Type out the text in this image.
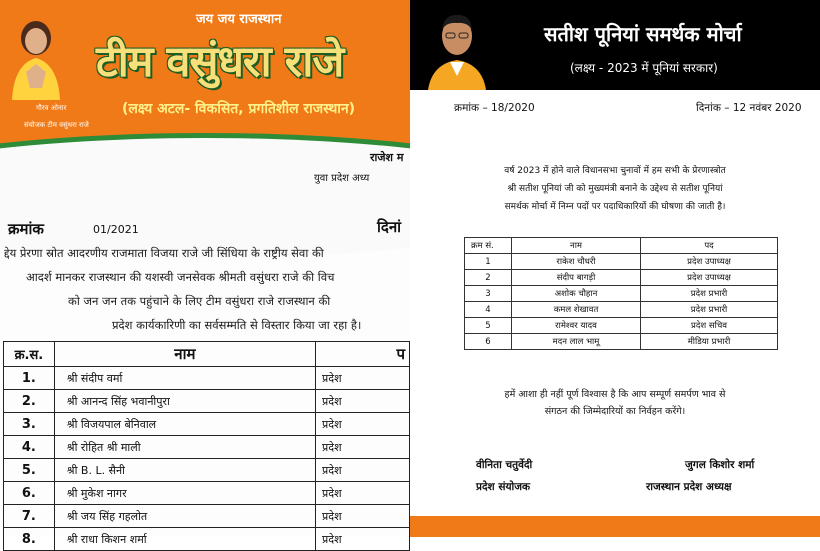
जय जय राजस्थान
टीम वसुंधरा राजे
(लक्ष्य अटल- विकसित, प्रगतिशील राजस्थान)
गौरव ओनार
संयोजक टीम वसुंधरा राजे
राजेश म
युवा प्रदेश अध्य
क्रमांक	01/2021	दिनां
द्देय प्रेरणा स्रोत आदरणीय राजमाता विजया राजे जी सिंधिया के राष्ट्रीय सेवा की
आदर्श मानकर राजस्थान की यशस्वी जनसेवक श्रीमती वसुंधरा राजे की विच
को जन जन तक पहुंचाने के लिए टीम वसुंधरा राजे राजस्थान की
प्रदेश कार्यकारिणी का सर्वसम्मति से विस्तार किया जा रहा है।
क्र.स.	नाम	प
1.	श्री संदीप वर्मा	प्रदेश
2.	श्री आनन्द सिंह भवानीपुरा	प्रदेश
3.	श्री विजयपाल बेनिवाल	प्रदेश
4.	श्री रोहित श्री माली	प्रदेश
5.	श्री B. L. सैनी	प्रदेश
6.	श्री मुकेश नागर	प्रदेश
7.	श्री जय सिंह गहलोत	प्रदेश
8.	श्री राधा किशन शर्मा	प्रदेश
सतीश पूनियां समर्थक मोर्चा
(लक्ष्य - 2023 में पूनियां सरकार)
क्रमांक – 18/2020	दिनांक – 12 नवंबर 2020
वर्ष 2023 में होने वाले विधानसभा चुनावों में हम सभी के प्रेरणास्त्रोत
श्री सतीश पूनियां जी को मुख्यमंत्री बनाने के उद्देश्य से सतीश पूनियां
समर्थक मोर्चा में निम्न पदों पर पदाधिकारियों की घोषणा की जाती है।
क्रम सं.	नाम	पद
1	राकेश चौधरी	प्रदेश उपाध्यक्ष
2	संदीप बागड़ी	प्रदेश उपाध्यक्ष
3	अशोक चौहान	प्रदेश प्रभारी
4	कमल शेखावत	प्रदेश प्रभारी
5	रामेश्वर यादव	प्रदेश सचिव
6	मदन लाल भामू	मीडिया प्रभारी
हमें आशा ही नहीं पूर्ण विश्वास है कि आप सम्पूर्ण समर्पण भाव से
संगठन की जिम्मेदारियों का निर्वहन करेंगे।
वीनिता चतुर्वेदी
प्रदेश संयोजक
जुगल किशोर शर्मा
राजस्थान प्रदेश अध्यक्ष
